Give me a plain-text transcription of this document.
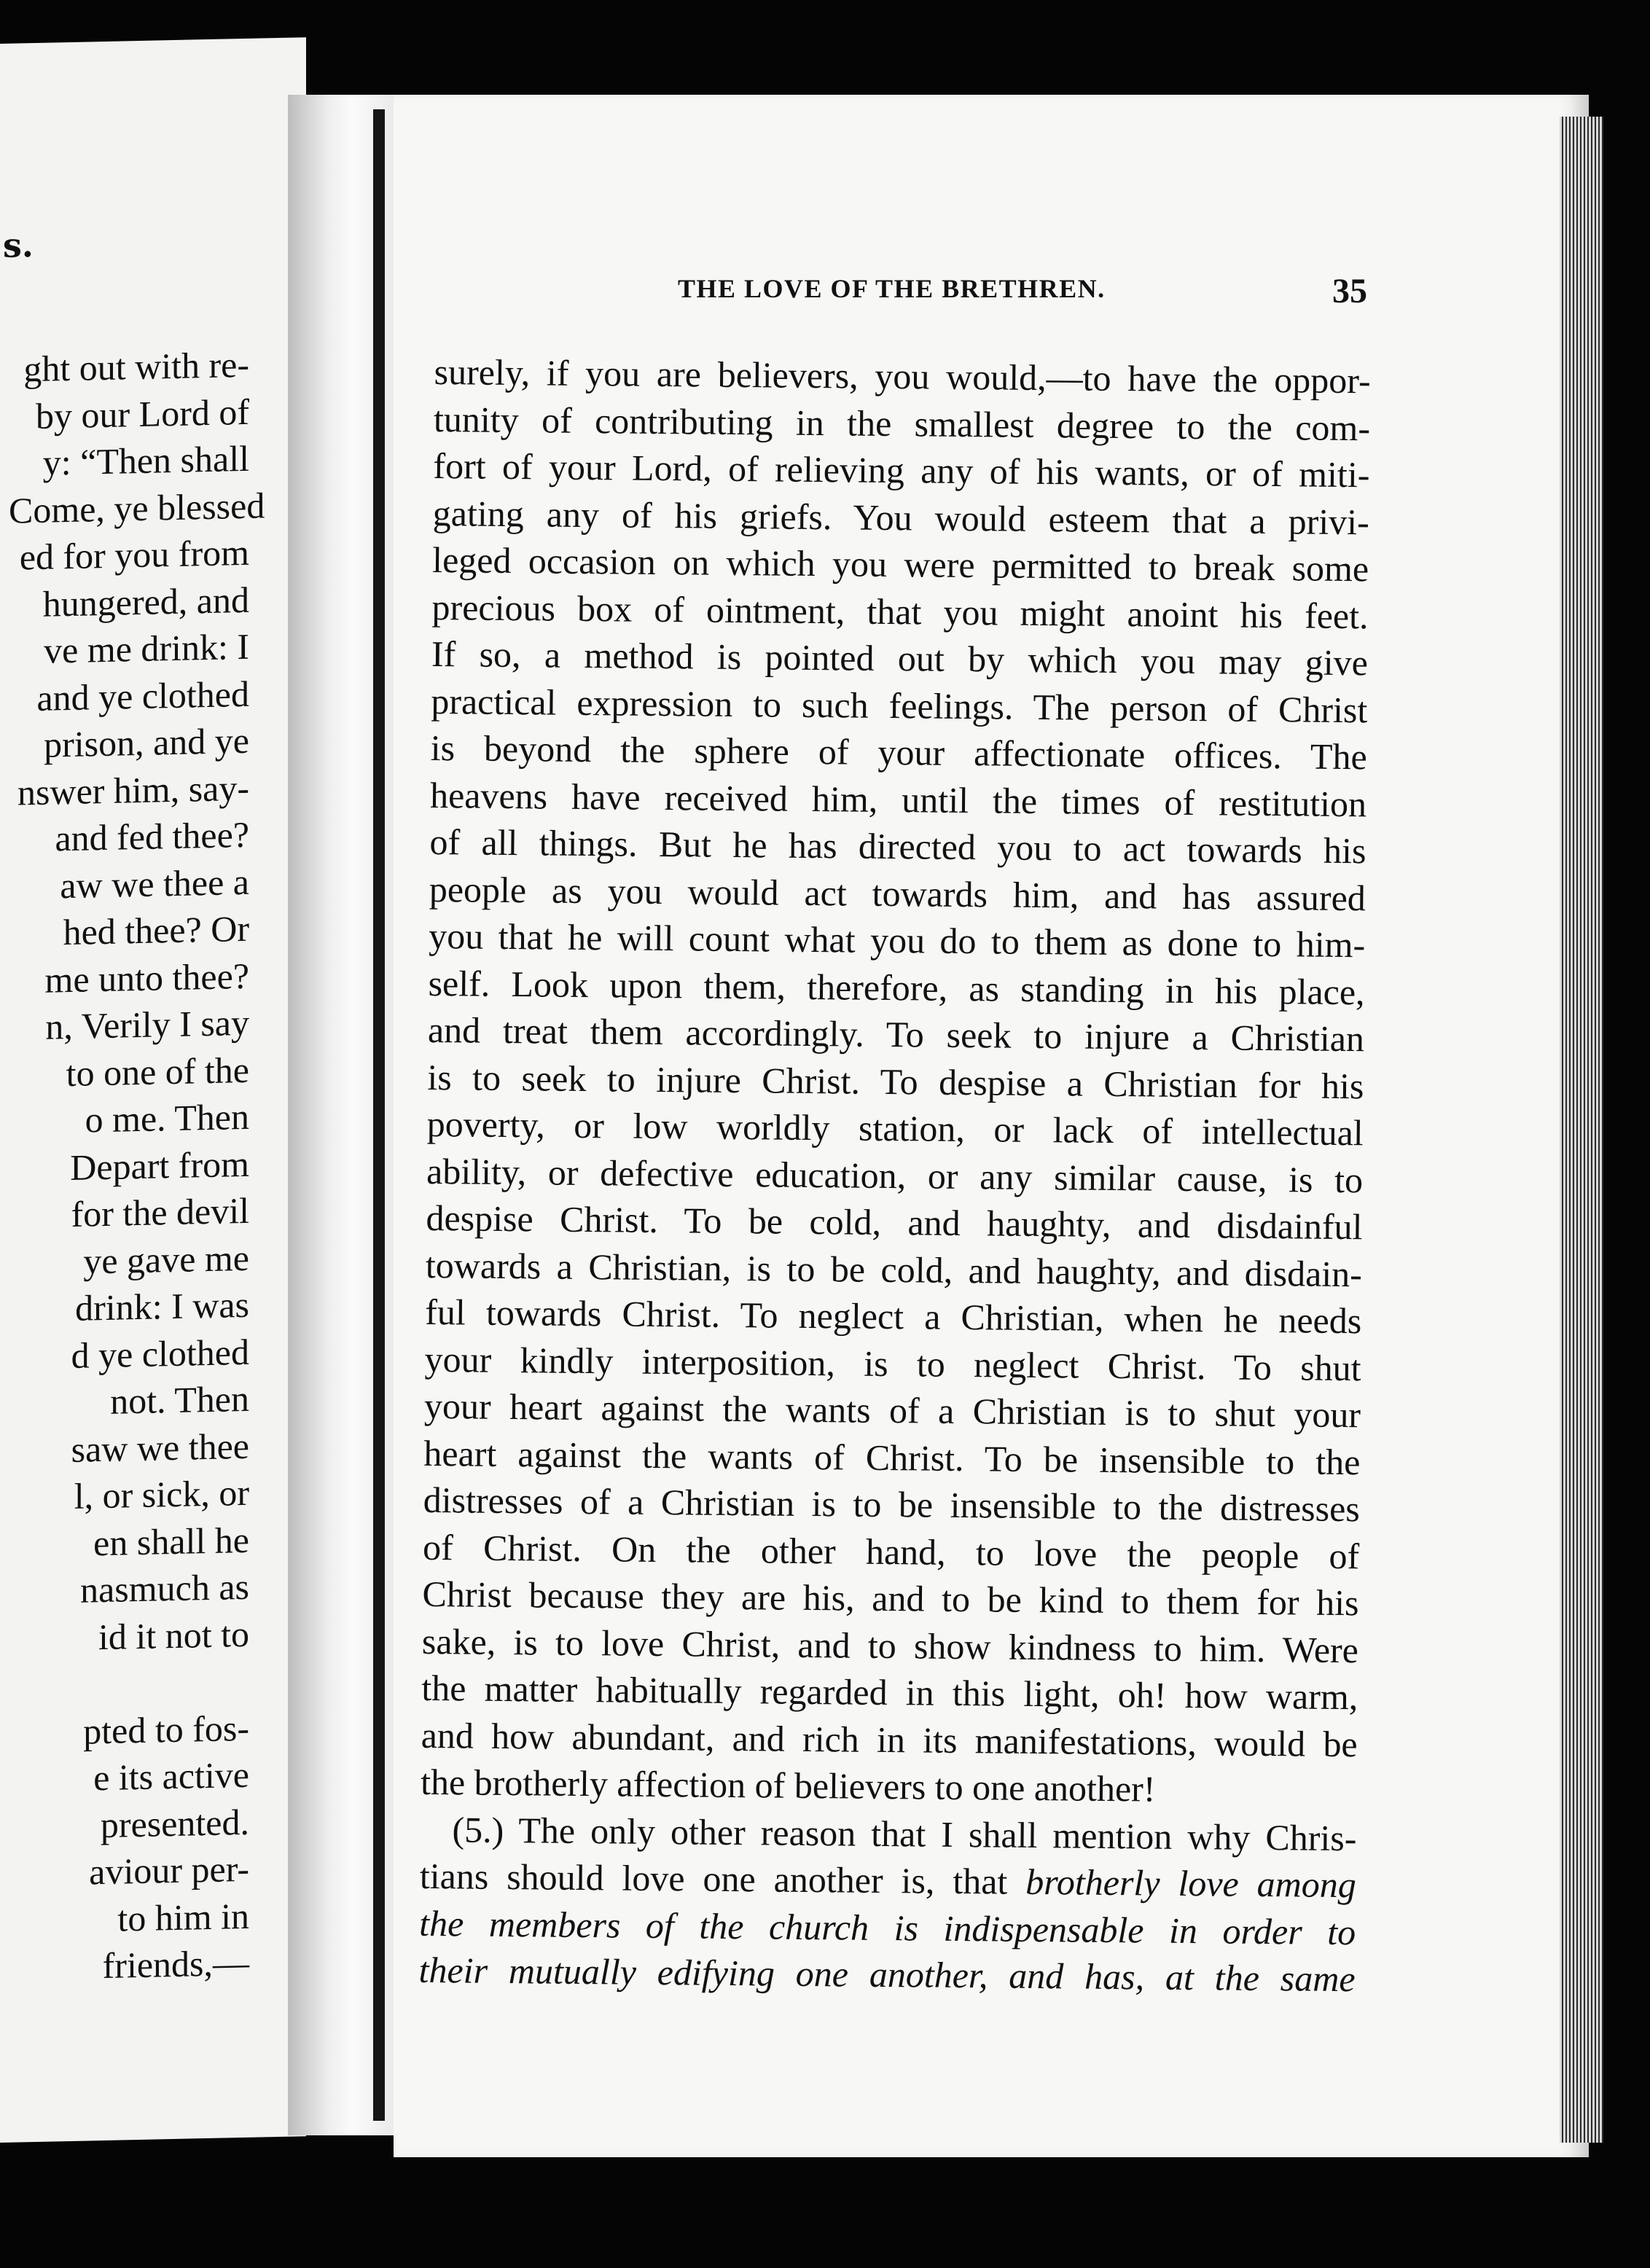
s.
ght out with re-
by our Lord of
y: “Then shall
Come, ye blessed
ed for you from
hungered, and
ve me drink: I
and ye clothed
prison, and ye
nswer him, say-
and fed thee?
aw we thee a
hed thee? Or
me unto thee?
n, Verily I say
to one of the
o me. Then
Depart from
for the devil
ye gave me
drink: I was
d ye clothed
not. Then
saw we thee
l, or sick, or
en shall he
nasmuch as
id it not to
pted to fos-
e its active
presented.
aviour per-
to him in
friends,—
THE LOVE OF THE BRETHREN.	35
surely, if you are believers, you would,—to have the oppor-
tunity of contributing in the smallest degree to the com-
fort of your Lord, of relieving any of his wants, or of miti-
gating any of his griefs. You would esteem that a privi-
leged occasion on which you were permitted to break some
precious box of ointment, that you might anoint his feet.
If so, a method is pointed out by which you may give
practical expression to such feelings. The person of Christ
is beyond the sphere of your affectionate offices. The
heavens have received him, until the times of restitution
of all things. But he has directed you to act towards his
people as you would act towards him, and has assured
you that he will count what you do to them as done to him-
self. Look upon them, therefore, as standing in his place,
and treat them accordingly. To seek to injure a Christian
is to seek to injure Christ. To despise a Christian for his
poverty, or low worldly station, or lack of intellectual
ability, or defective education, or any similar cause, is to
despise Christ. To be cold, and haughty, and disdainful
towards a Christian, is to be cold, and haughty, and disdain-
ful towards Christ. To neglect a Christian, when he needs
your kindly interposition, is to neglect Christ. To shut
your heart against the wants of a Christian is to shut your
heart against the wants of Christ. To be insensible to the
distresses of a Christian is to be insensible to the distresses
of Christ. On the other hand, to love the people of
Christ because they are his, and to be kind to them for his
sake, is to love Christ, and to show kindness to him. Were
the matter habitually regarded in this light, oh! how warm,
and how abundant, and rich in its manifestations, would be
the brotherly affection of believers to one another!
(5.) The only other reason that I shall mention why Chris-
tians should love one another is, that brotherly love among
the members of the church is indispensable in order to
their mutually edifying one another, and has, at the same
